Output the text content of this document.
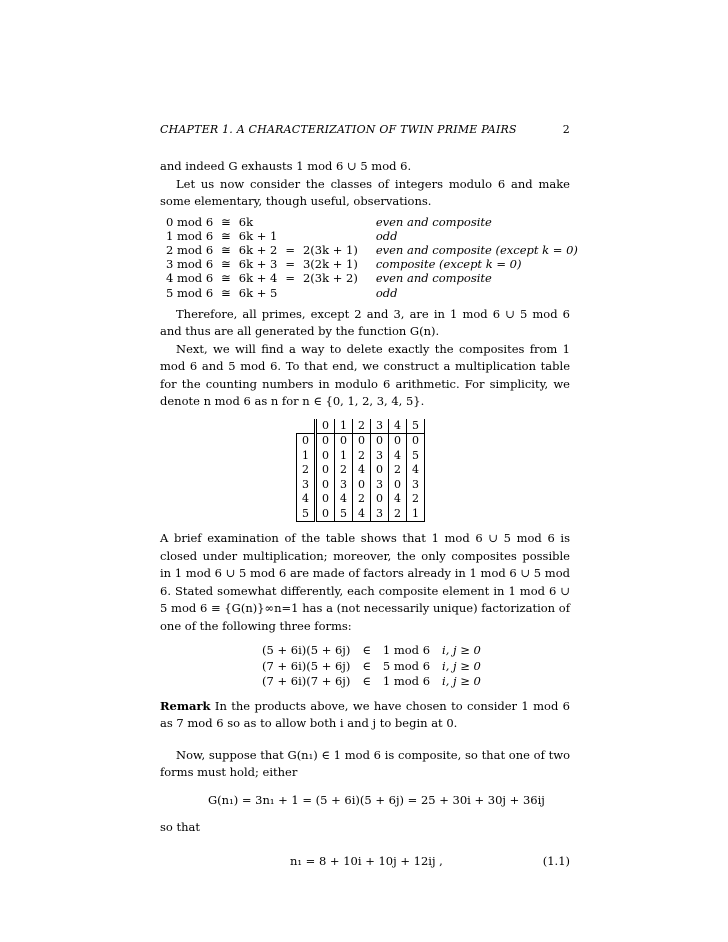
CHAPTER 1. A CHARACTERIZATION OF TWIN PRIME PAIRS	2

and indeed G exhausts 1 mod 6 ∪ 5 mod 6.

Let us now consider the classes of integers modulo 6 and make some elementary, though useful, observations.

0 mod 6	≅	6k			even and composite
1 mod 6	≅	6k + 1			odd
2 mod 6	≅	6k + 2	=	2(3k + 1)	even and composite (except k = 0)
3 mod 6	≅	6k + 3	=	3(2k + 1)	composite (except k = 0)
4 mod 6	≅	6k + 4	=	2(3k + 2)	even and composite
5 mod 6	≅	6k + 5			odd

Therefore, all primes, except 2 and 3, are in 1 mod 6 ∪ 5 mod 6 and thus are all generated by the function G(n).

Next, we will find a way to delete exactly the composites from 1 mod 6 and 5 mod 6. To that end, we construct a multiplication table for the counting numbers in modulo 6 arithmetic. For simplicity, we denote n mod 6 as n for n ∈ {0, 1, 2, 3, 4, 5}.

	0	1	2	3	4	5
0	0	0	0	0	0	0
1	0	1	2	3	4	5
2	0	2	4	0	2	4
3	0	3	0	3	0	3
4	0	4	2	0	4	2
5	0	5	4	3	2	1

A brief examination of the table shows that 1 mod 6 ∪ 5 mod 6 is closed under multiplication; moreover, the only composites possible in 1 mod 6 ∪ 5 mod 6 are made of factors already in 1 mod 6 ∪ 5 mod 6. Stated somewhat differently, each composite element in 1 mod 6 ∪ 5 mod 6 ≡ {G(n)}∞n=1 has a (not necessarily unique) factorization of one of the following three forms:

(5 + 6i)(5 + 6j)	∈	1 mod 6	i, j ≥ 0
(7 + 6i)(5 + 6j)	∈	5 mod 6	i, j ≥ 0
(7 + 6i)(7 + 6j)	∈	1 mod 6	i, j ≥ 0

Remark In the products above, we have chosen to consider 1 mod 6 as 7 mod 6 so as to allow both i and j to begin at 0.

Now, suppose that G(n₁) ∈ 1 mod 6 is composite, so that one of two forms must hold; either

G(n₁) = 3n₁ + 1 = (5 + 6i)(5 + 6j) = 25 + 30i + 30j + 36ij

so that

n₁ = 8 + 10i + 10j + 12ij ,	(1.1)
